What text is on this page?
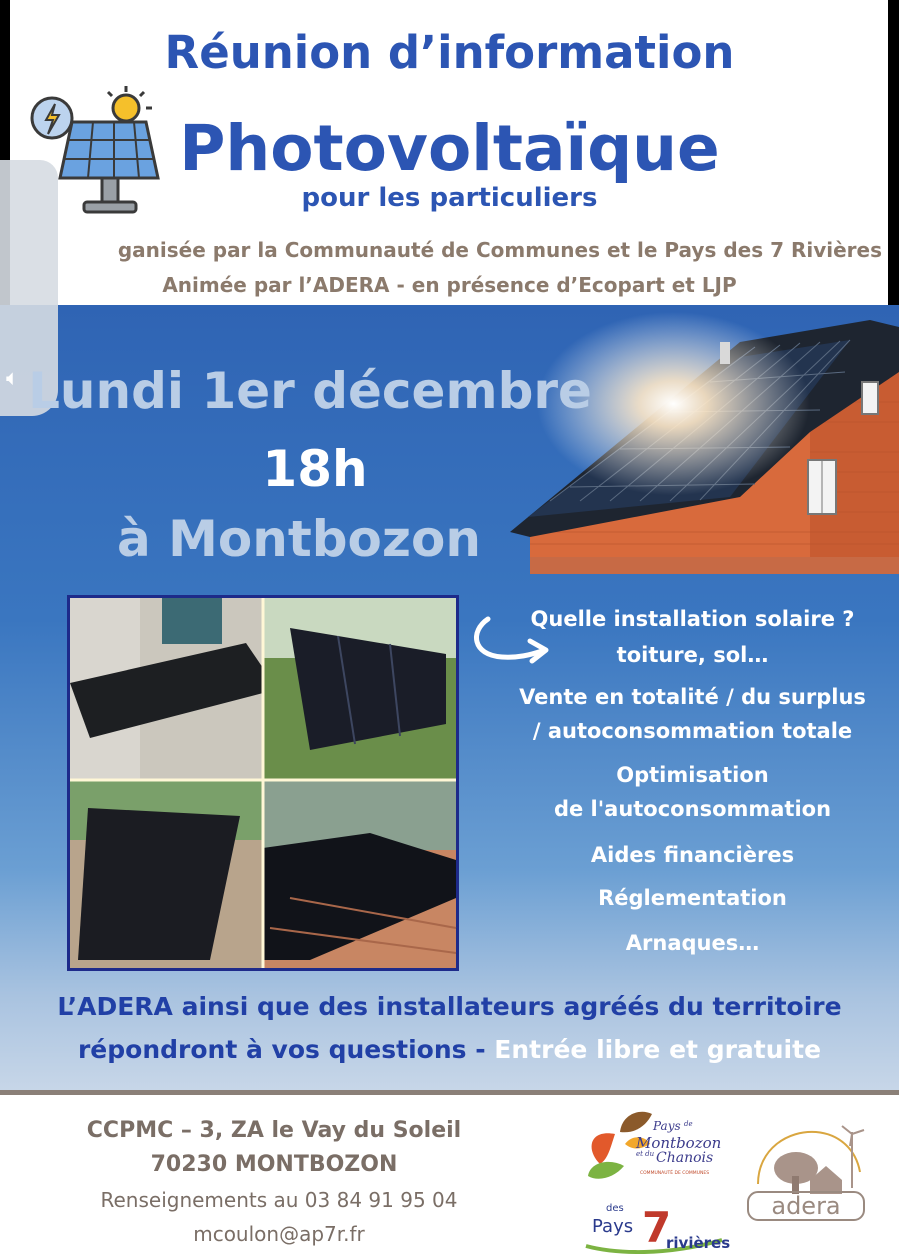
Réunion d’information
Photovoltaïque
pour les particuliers
ganisée par la Communauté de Communes et le Pays des 7 Rivières
Animée par l’ADERA - en présence d’Ecopart et LJP
🔈︎ Lundi 1er décembre
18h
à Montbozon
Quelle installation solaire ?
toiture, sol…
Vente en totalité / du surplus
/ autoconsommation totale
Optimisation
de l'autoconsommation
Aides financières
Réglementation
Arnaques…
L’ADERA ainsi que des installateurs agréés du territoire
répondront à vos questions - Entrée libre et gratuite
CCPMC – 3, ZA le Vay du Soleil
70230 MONTBOZON
Renseignements au 03 84 91 95 04
mcoulon@ap7r.fr
Pays de
Montbozon
et du Chanois
COMMUNAUTÉ DE COMMUNES
adera
des
Pays 7
rivières
